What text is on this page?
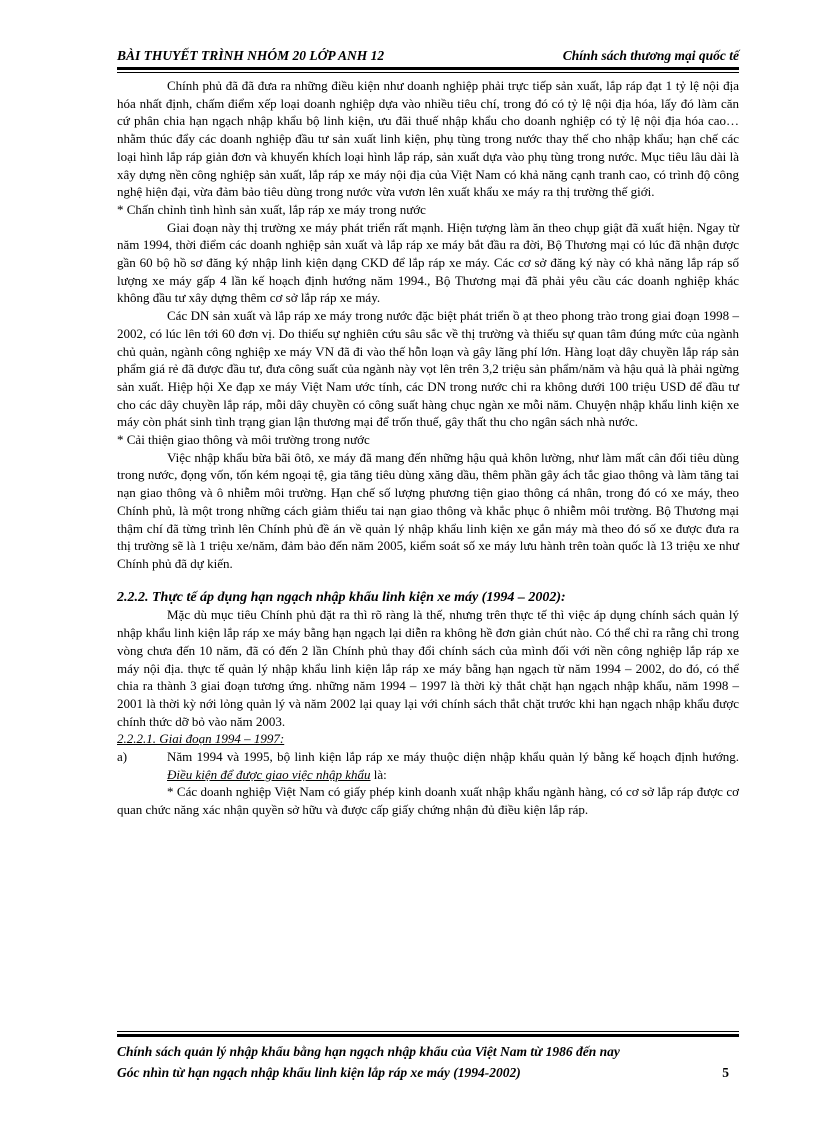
BÀI THUYẾT TRÌNH NHÓM 20 LỚP ANH 12	Chính sách thương mại quốc tế

Chính phủ đã đã đưa ra những điều kiện như doanh nghiệp phải trực tiếp sản xuất, lắp ráp đạt 1 tỷ lệ nội địa hóa nhất định, chấm điểm xếp loại doanh nghiệp dựa vào nhiều tiêu chí, trong đó có tỷ lệ nội địa hóa, lấy đó làm căn cứ phân chia hạn ngạch nhập khẩu bộ linh kiện, ưu đãi thuế nhập khẩu cho doanh nghiệp có tỷ lệ nội địa hóa cao… nhằm thúc đẩy các doanh nghiệp đầu tư sản xuất linh kiện, phụ tùng trong nước thay thế cho nhập khẩu; hạn chế các loại hình lắp ráp giản đơn và khuyến khích loại hình lắp ráp, sản xuất dựa vào phụ tùng trong nước. Mục tiêu lâu dài là xây dựng nền công nghiệp sản xuất, lắp ráp xe máy nội địa của Việt Nam có khả năng cạnh tranh cao, có trình độ công nghệ hiện đại, vừa đảm bảo tiêu dùng trong nước vừa vươn lên xuất khẩu xe máy ra thị trường thế giới.

* Chấn chỉnh tình hình sản xuất, lắp ráp xe máy trong nước

Giai đoạn này thị trường xe máy phát triển rất mạnh. Hiện tượng làm ăn theo chụp giật đã xuất hiện. Ngay từ năm 1994, thời điểm các doanh nghiệp sản xuất và lắp ráp xe máy bắt đầu ra đời, Bộ Thương mại có lúc đã nhận được gần 60 bộ hồ sơ đăng ký nhập linh kiện dạng CKD để lắp ráp xe máy. Các cơ sở đăng ký này có khả năng lắp ráp số lượng xe máy gấp 4 lần kế hoạch định hướng năm 1994., Bộ Thương mại đã phải yêu cầu các doanh nghiệp khác không đầu tư xây dựng thêm cơ sở lắp ráp xe máy.

Các DN sản xuất và lắp ráp xe máy trong nước đặc biệt phát triển ồ ạt theo phong trào trong giai đoạn 1998 – 2002, có lúc lên tới 60 đơn vị. Do thiếu sự nghiên cứu sâu sắc về thị trường và thiếu sự quan tâm đúng mức của ngành chủ quản, ngành công nghiệp xe máy VN đã đi vào thế hỗn loạn và gây lãng phí lớn. Hàng loạt dây chuyền lắp ráp sản phẩm giá rẻ đã được đầu tư, đưa công suất của ngành này vọt lên trên 3,2 triệu sản phẩm/năm và hậu quả là phải ngừng sản xuất. Hiệp hội Xe đạp xe máy Việt Nam ước tính, các DN trong nước chi ra không dưới 100 triệu USD để đầu tư cho các dây chuyền lắp ráp, mỗi dây chuyền có công suất hàng chục ngàn xe mỗi năm. Chuyện nhập khẩu linh kiện xe máy còn phát sinh tình trạng gian lận thương mại để trốn thuế, gây thất thu cho ngân sách nhà nước.

* Cải thiện giao thông và môi trường trong nước

Việc nhập khẩu bừa bãi ôtô, xe máy đã mang đến những hậu quả khôn lường, như làm mất cân đối tiêu dùng trong nước, đọng vốn, tốn kém ngoại tệ, gia tăng tiêu dùng xăng dầu, thêm phần gây ách tắc giao thông và làm tăng tai nạn giao thông và ô nhiễm môi trường. Hạn chế số lượng phương tiện giao thông cá nhân, trong đó có xe máy, theo Chính phủ, là một trong những cách giảm thiểu tai nạn giao thông và khắc phục ô nhiễm môi trường. Bộ Thương mại thậm chí đã từng trình lên Chính phủ đề án về quản lý nhập khẩu linh kiện xe gắn máy mà theo đó số xe được đưa ra thị trường sẽ là 1 triệu xe/năm, đảm bảo đến năm 2005, kiểm soát số xe máy lưu hành trên toàn quốc là 13 triệu xe như Chính phủ đã dự kiến.

2.2.2. Thực tế áp dụng hạn ngạch nhập khẩu linh kiện xe máy (1994 – 2002):

Mặc dù mục tiêu Chính phủ đặt ra thì rõ ràng là thế, nhưng trên thực tế thì việc áp dụng chính sách quản lý nhập khẩu linh kiện lắp ráp xe máy bằng hạn ngạch lại diễn ra không hề đơn giản chút nào. Có thể chỉ ra rằng chỉ trong vòng chưa đến 10 năm, đã có đến 2 lần Chính phủ thay đổi chính sách của mình đối với nền công nghiệp lắp ráp xe máy nội địa. thực tế quản lý nhập khẩu linh kiện lắp ráp xe máy bằng hạn ngạch từ năm 1994 – 2002, do đó, có thể chia ra thành 3 giai đoạn tương ứng. những năm 1994 – 1997 là thời kỳ thắt chặt hạn ngạch nhập khẩu, năm 1998 – 2001 là thời kỳ nới lỏng quản lý và năm 2002 lại quay lại với chính sách thắt chặt trước khi hạn ngạch nhập khẩu được chính thức dỡ bỏ vào năm 2003.

2.2.2.1. Giai đoạn 1994 – 1997:

a)	Năm 1994 và 1995, bộ linh kiện lắp ráp xe máy thuộc diện nhập khẩu quản lý bằng kế hoạch định hướng. Điều kiện để được giao việc nhập khẩu là:

* Các doanh nghiệp Việt Nam có giấy phép kinh doanh xuất nhập khẩu ngành hàng, có cơ sở lắp ráp được cơ quan chức năng xác nhận quyền sở hữu và được cấp giấy chứng nhận đủ điều kiện lắp ráp.

Chính sách quản lý nhập khẩu bằng hạn ngạch nhập khẩu của Việt Nam từ 1986 đến nay
Góc nhìn từ hạn ngạch nhập khẩu linh kiện lắp ráp xe máy (1994-2002)	5
